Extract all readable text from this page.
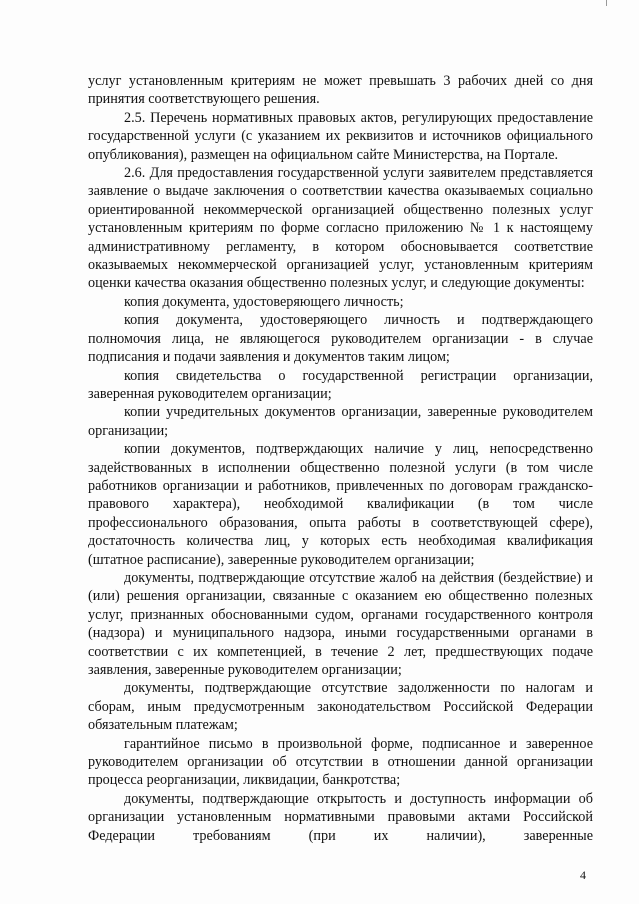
услуг установленным критериям не может превышать 3 рабочих дней со дня принятия соответствующего решения.

2.5. Перечень нормативных правовых актов, регулирующих предоставление государственной услуги (с указанием их реквизитов и источников официального опубликования), размещен на официальном сайте Министерства, на Портале.

2.6. Для предоставления государственной услуги заявителем представляется заявление о выдаче заключения о соответствии качества оказываемых социально ориентированной некоммерческой организацией общественно полезных услуг установленным критериям по форме согласно приложению № 1 к настоящему административному регламенту, в котором обосновывается соответствие оказываемых некоммерческой организацией услуг, установленным критериям оценки качества оказания общественно полезных услуг, и следующие документы:

копия документа, удостоверяющего личность;

копия документа, удостоверяющего личность и подтверждающего полномочия лица, не являющегося руководителем организации - в случае подписания и подачи заявления и документов таким лицом;

копия свидетельства о государственной регистрации организации, заверенная руководителем организации;

копии учредительных документов организации, заверенные руководителем организации;

копии документов, подтверждающих наличие у лиц, непосредственно задействованных в исполнении общественно полезной услуги (в том числе работников организации и работников, привлеченных по договорам гражданско-правового характера), необходимой квалификации (в том числе профессионального образования, опыта работы в соответствующей сфере), достаточность количества лиц, у которых есть необходимая квалификация (штатное расписание), заверенные руководителем организации;

документы, подтверждающие отсутствие жалоб на действия (бездействие) и (или) решения организации, связанные с оказанием ею общественно полезных услуг, признанных обоснованными судом, органами государственного контроля (надзора) и муниципального надзора, иными государственными органами в соответствии с их компетенцией, в течение 2 лет, предшествующих подаче заявления, заверенные руководителем организации;

документы, подтверждающие отсутствие задолженности по налогам и сборам, иным предусмотренным законодательством Российской Федерации обязательным платежам;

гарантийное письмо в произвольной форме, подписанное и заверенное руководителем организации об отсутствии в отношении данной организации процесса реорганизации, ликвидации, банкротства;

документы, подтверждающие открытость и доступность информации об организации установленным нормативными правовыми актами Российской Федерации требованиям (при их наличии), заверенные

4
